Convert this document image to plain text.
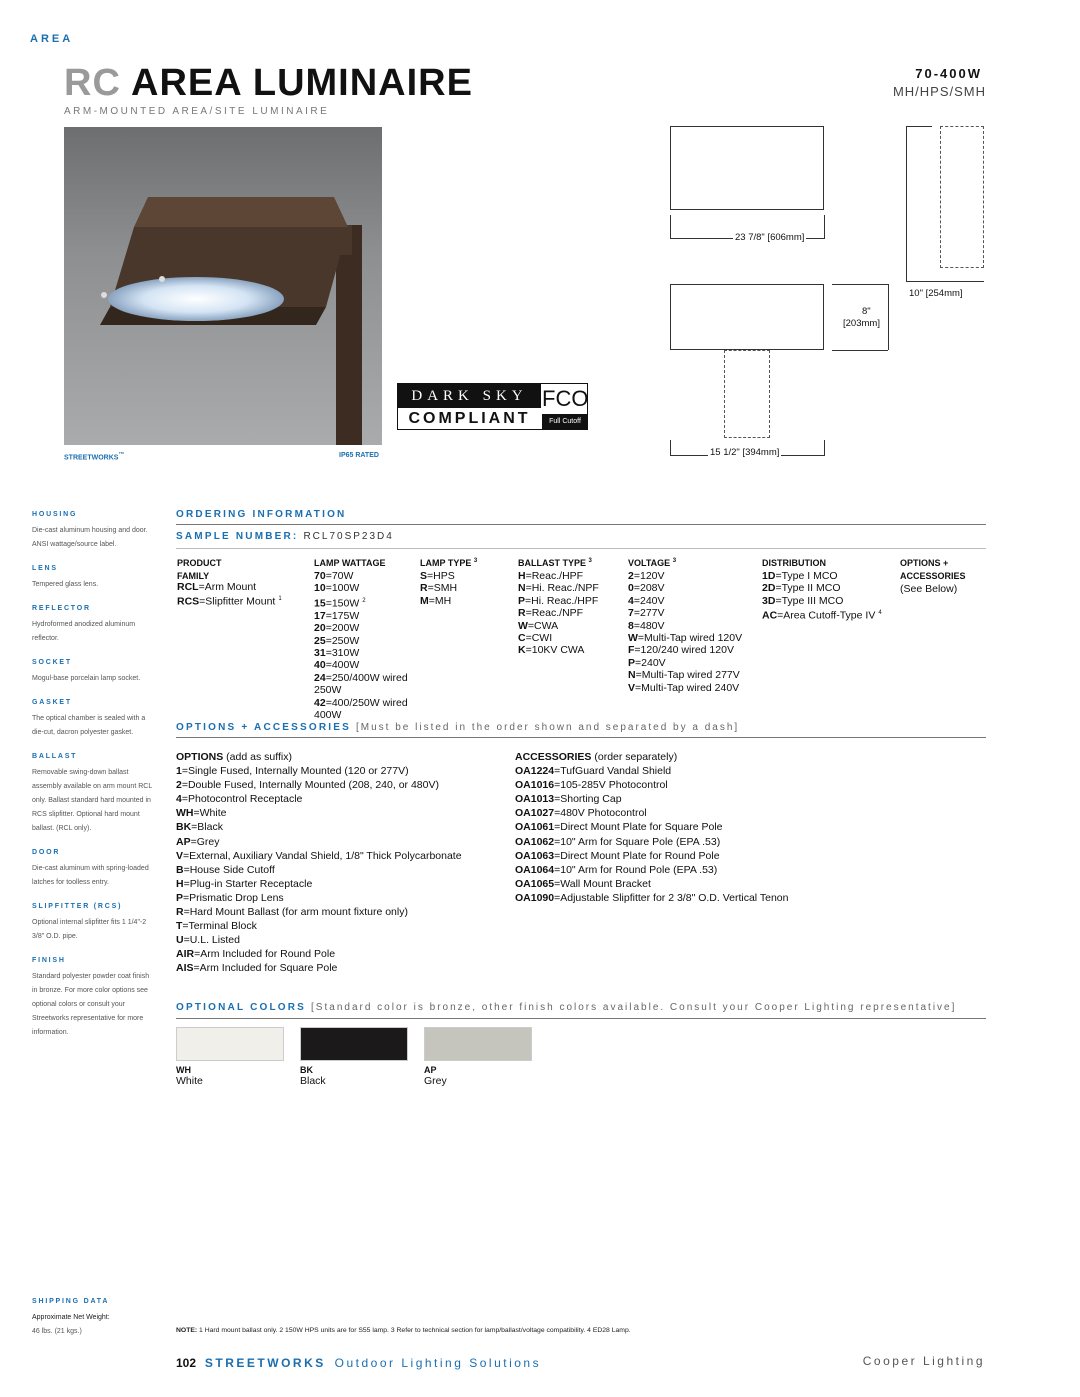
AREA
RC AREA LUMINAIRE
ARM-MOUNTED AREA/SITE LUMINAIRE
70-400W
MH/HPS/SMH
STREETWORKS™	IP65 RATED
DARK SKY
COMPLIANT
FCO
Full Cutoff
23 7/8" [606mm]
10" [254mm]
8"
[203mm]
15 1/2" [394mm]
HOUSING
Die-cast aluminum housing and door. ANSI wattage/source label.
LENS
Tempered glass lens.
REFLECTOR
Hydroformed anodized aluminum reflector.
SOCKET
Mogul-base porcelain lamp socket.
GASKET
The optical chamber is sealed with a die-cut, dacron polyester gasket.
BALLAST
Removable swing-down ballast assembly available on arm mount RCL only. Ballast standard hard mounted in RCS slipfitter. Optional hard mount ballast. (RCL only).
DOOR
Die-cast aluminum with spring-loaded latches for toolless entry.
SLIPFITTER (RCS)
Optional internal slipfitter fits 1 1/4"-2 3/8" O.D. pipe.
FINISH
Standard polyester powder coat finish in bronze. For more color options see optional colors or consult your Streetworks representative for more information.
SHIPPING DATA
Approximate Net Weight:
46 lbs. (21 kgs.)
ORDERING INFORMATION
SAMPLE NUMBER: RCL70SP23D4
PRODUCT
FAMILY
RCL=Arm Mount
RCS=Slipfitter Mount $^1$
LAMP WATTAGE
70=70W
10=100W
15=150W $^2$
17=175W
20=200W
25=250W
31=310W
40=400W
24=250/400W wired 250W
42=400/250W wired 400W
LAMP TYPE $^3$
S=HPS
R=SMH
M=MH
BALLAST TYPE $^3$
H=Reac./HPF
N=Hi. Reac./NPF
P=Hi. Reac./HPF
R=Reac./NPF
W=CWA
C=CWI
K=10KV CWA
VOLTAGE $^3$
2=120V
0=208V
4=240V
7=277V
8=480V
W=Multi-Tap wired 120V
F=120/240 wired 120V
P=240V
N=Multi-Tap wired 277V
V=Multi-Tap wired 240V
DISTRIBUTION
1D=Type I MCO
2D=Type II MCO
3D=Type III MCO
AC=Area Cutoff-Type IV $^4$
OPTIONS +
ACCESSORIES
(See Below)
OPTIONS + ACCESSORIES [Must be listed in the order shown and separated by a dash]
OPTIONS (add as suffix)
1=Single Fused, Internally Mounted (120 or 277V)
2=Double Fused, Internally Mounted (208, 240, or 480V)
4=Photocontrol Receptacle
WH=White
BK=Black
AP=Grey
V=External, Auxiliary Vandal Shield, 1/8" Thick Polycarbonate
B=House Side Cutoff
H=Plug-in Starter Receptacle
P=Prismatic Drop Lens
R=Hard Mount Ballast (for arm mount fixture only)
T=Terminal Block
U=U.L. Listed
AIR=Arm Included for Round Pole
AIS=Arm Included for Square Pole
ACCESSORIES (order separately)
OA1224=TufGuard Vandal Shield
OA1016=105-285V Photocontrol
OA1013=Shorting Cap
OA1027=480V Photocontrol
OA1061=Direct Mount Plate for Square Pole
OA1062=10" Arm for Square Pole (EPA .53)
OA1063=Direct Mount Plate for Round Pole
OA1064=10" Arm for Round Pole (EPA .53)
OA1065=Wall Mount Bracket
OA1090=Adjustable Slipfitter for 2 3/8" O.D. Vertical Tenon
OPTIONAL COLORS [Standard color is bronze, other finish colors available. Consult your Cooper Lighting representative]
WH
White
BK
Black
AP
Grey
NOTE: 1 Hard mount ballast only. 2 150W HPS units are for S55 lamp. 3 Refer to technical section for lamp/ballast/voltage compatibility. 4 ED28 Lamp.
102 STREETWORKS Outdoor Lighting Solutions	Cooper Lighting
